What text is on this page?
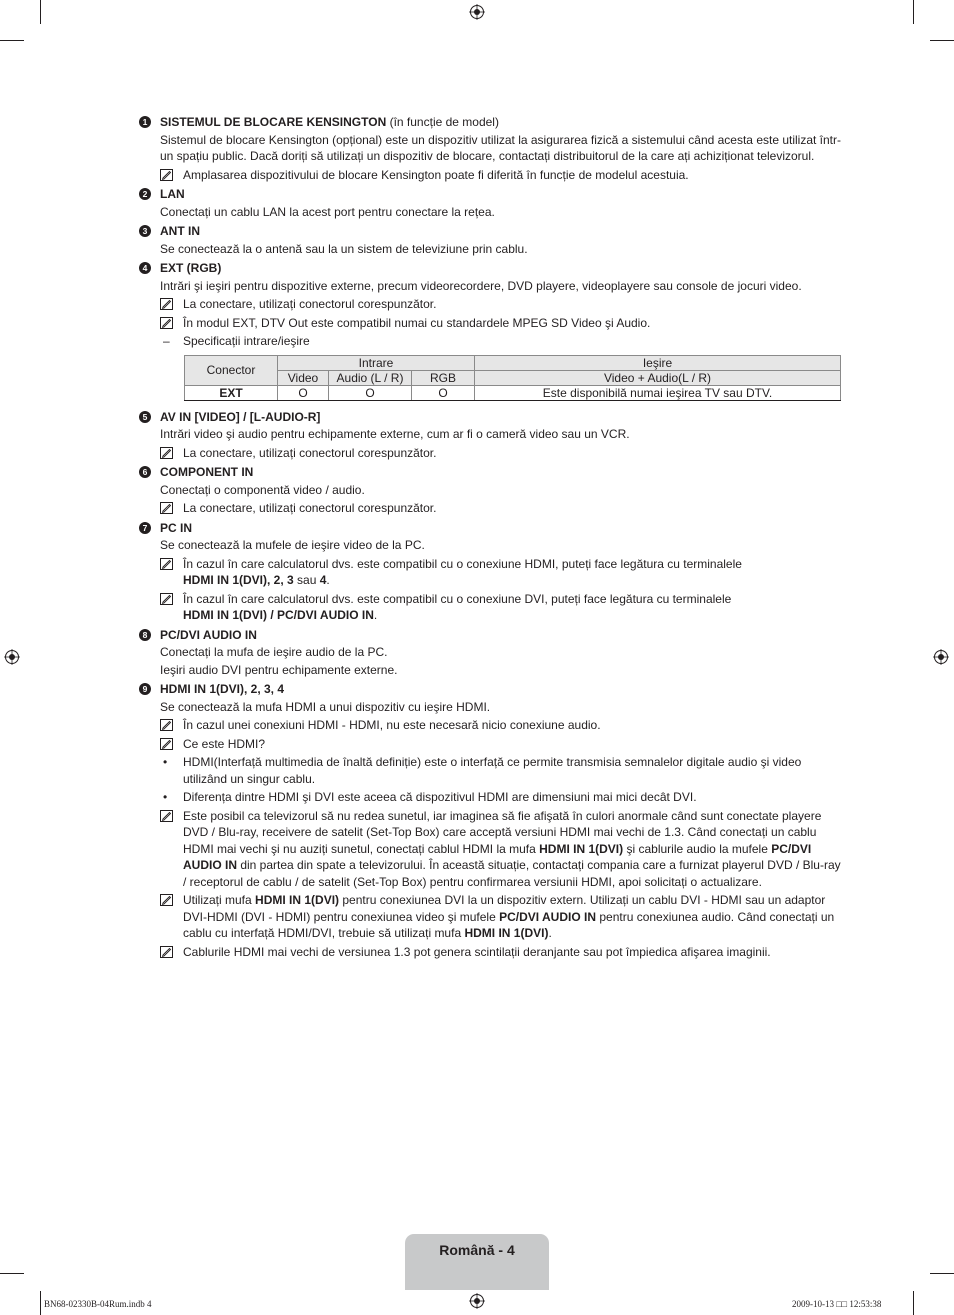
1	SISTEMUL DE BLOCARE KENSINGTON (în funcție de model)
Sistemul de blocare Kensington (opțional) este un dispozitiv utilizat la asigurarea fizică a sistemului când acesta este utilizat într-un spațiu public. Dacă doriți să utilizați un dispozitiv de blocare, contactați distribuitorul de la care ați achiziționat televizorul.
Amplasarea dispozitivului de blocare Kensington poate fi diferită în funcție de modelul acestuia.
2	LAN
Conectați un cablu LAN la acest port pentru conectare la rețea.
3	ANT IN
Se conectează la o antenă sau la un sistem de televiziune prin cablu.
4	EXT (RGB)
Intrări şi ieşiri pentru dispozitive externe, precum videorecordere, DVD playere, videoplayere sau console de jocuri video.
La conectare, utilizați conectorul corespunzător.
În modul EXT, DTV Out este compatibil numai cu standardele MPEG SD Video şi Audio.
– Specificații intrare/ieşire
Conector	Intrare			Ieşire
	Video	Audio (L / R)	RGB	Video + Audio(L / R)
EXT	O	O	O	Este disponibilă numai ieşirea TV sau DTV.
5	AV IN [VIDEO] / [L-AUDIO-R]
Intrări video şi audio pentru echipamente externe, cum ar fi o cameră video sau un VCR.
La conectare, utilizați conectorul corespunzător.
6	COMPONENT IN
Conectați o componentă video / audio.
La conectare, utilizați conectorul corespunzător.
7	PC IN
Se conectează la mufele de ieşire video de la PC.
În cazul în care calculatorul dvs. este compatibil cu o conexiune HDMI, puteți face legătura cu terminalele
HDMI IN 1(DVI), 2, 3 sau 4.
În cazul în care calculatorul dvs. este compatibil cu o conexiune DVI, puteți face legătura cu terminalele
HDMI IN 1(DVI) / PC/DVI AUDIO IN.
8	PC/DVI AUDIO IN
Conectați la mufa de ieşire audio de la PC.
Ieşiri audio DVI pentru echipamente externe.
9	HDMI IN 1(DVI), 2, 3, 4
Se conectează la mufa HDMI a unui dispozitiv cu ieşire HDMI.
În cazul unei conexiuni HDMI - HDMI, nu este necesară nicio conexiune audio.
Ce este HDMI?
• HDMI(Interfață multimedia de înaltă definiție) este o interfață ce permite transmisia semnalelor digitale audio şi video utilizând un singur cablu.
• Diferența dintre HDMI şi DVI este aceea că dispozitivul HDMI are dimensiuni mai mici decât DVI.
Este posibil ca televizorul să nu redea sunetul, iar imaginea să fie afişată în culori anormale când sunt conectate playere DVD / Blu-ray, receivere de satelit (Set-Top Box) care acceptă versiuni HDMI mai vechi de 1.3. Când conectați un cablu HDMI mai vechi şi nu auziți sunetul, conectați cablul HDMI la mufa HDMI IN 1(DVI) şi cablurile audio la mufele PC/DVI AUDIO IN din partea din spate a televizorului. În această situație, contactați compania care a furnizat playerul DVD / Blu-ray / receptorul de cablu / de satelit (Set-Top Box) pentru confirmarea versiunii HDMI, apoi solicitați o actualizare.
Utilizați mufa HDMI IN 1(DVI) pentru conexiunea DVI la un dispozitiv extern. Utilizați un cablu DVI - HDMI sau un adaptor DVI-HDMI (DVI - HDMI) pentru conexiunea video şi mufele PC/DVI AUDIO IN pentru conexiunea audio. Când conectați un cablu cu interfață HDMI/DVI, trebuie să utilizați mufa HDMI IN 1(DVI).
Cablurile HDMI mai vechi de versiunea 1.3 pot genera scintilații deranjante sau pot împiedica afişarea imaginii.
Română - 4
BN68-02330B-04Rum.indb 4	2009-10-13 □□ 12:53:38
